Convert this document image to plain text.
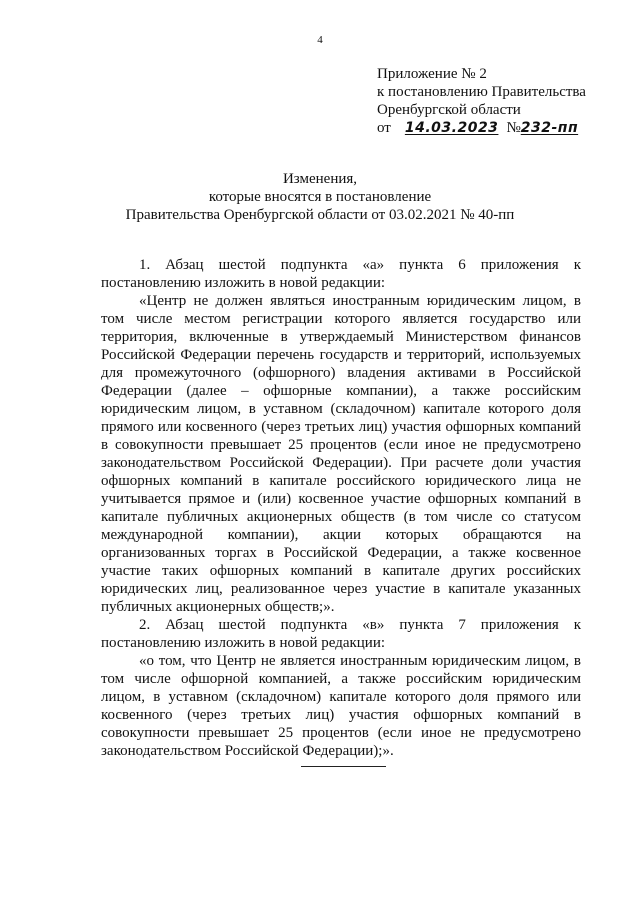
4
Приложение № 2
к постановлению Правительства
Оренбургской области
от 14.03.2023 №232-пп
Изменения,
которые вносятся в постановление
Правительства Оренбургской области от 03.02.2021 № 40-пп

1. Абзац шестой подпункта «а» пункта 6 приложения к постановлению изложить в новой редакции:

«Центр не должен являться иностранным юридическим лицом, в том числе местом регистрации которого является государство или территория, включенные в утверждаемый Министерством финансов Российской Федерации перечень государств и территорий, используемых для промежуточного (офшорного) владения активами в Российской Федерации (далее – офшорные компании), а также российским юридическим лицом, в уставном (складочном) капитале которого доля прямого или косвенного (через третьих лиц) участия офшорных компаний в совокупности превышает 25 процентов (если иное не предусмотрено законодательством Российской Федерации). При расчете доли участия офшорных компаний в капитале российского юридического лица не учитывается прямое и (или) косвенное участие офшорных компаний в капитале публичных акционерных обществ (в том числе со статусом международной компании), акции которых обращаются на организованных торгах в Российской Федерации, а также косвенное участие таких офшорных компаний в капитале других российских юридических лиц, реализованное через участие в капитале указанных публичных акционерных обществ;».

2. Абзац шестой подпункта «в» пункта 7 приложения к постановлению изложить в новой редакции:

«о том, что Центр не является иностранным юридическим лицом, в том числе офшорной компанией, а также российским юридическим лицом, в уставном (складочном) капитале которого доля прямого или косвенного (через третьих лиц) участия офшорных компаний в совокупности превышает 25 процентов (если иное не предусмотрено законодательством Российской Федерации);».
